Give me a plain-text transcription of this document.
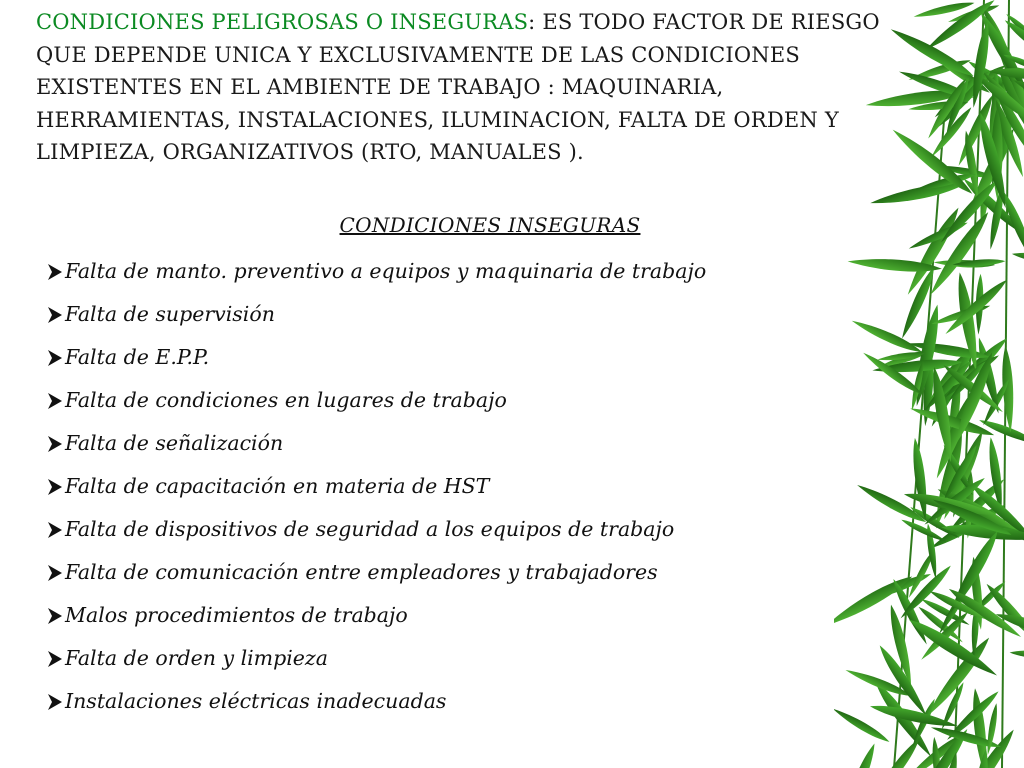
CONDICIONES PELIGROSAS O INSEGURAS: ES TODO FACTOR DE RIESGO QUE DEPENDE UNICA Y EXCLUSIVAMENTE DE LAS CONDICIONES EXISTENTES EN EL AMBIENTE DE TRABAJO : MAQUINARIA, HERRAMIENTAS, INSTALACIONES, ILUMINACION, FALTA DE ORDEN Y LIMPIEZA, ORGANIZATIVOS (RTO, MANUALES ).
CONDICIONES INSEGURAS
Falta de manto. preventivo a equipos y maquinaria de trabajo
Falta de supervisión
Falta de E.P.P.
Falta de condiciones en lugares de trabajo
Falta de señalización
Falta de capacitación en materia de HST
Falta de dispositivos de seguridad a los equipos de trabajo
Falta de comunicación entre empleadores y trabajadores
Malos procedimientos de trabajo
Falta de orden y limpieza
Instalaciones eléctricas inadecuadas
